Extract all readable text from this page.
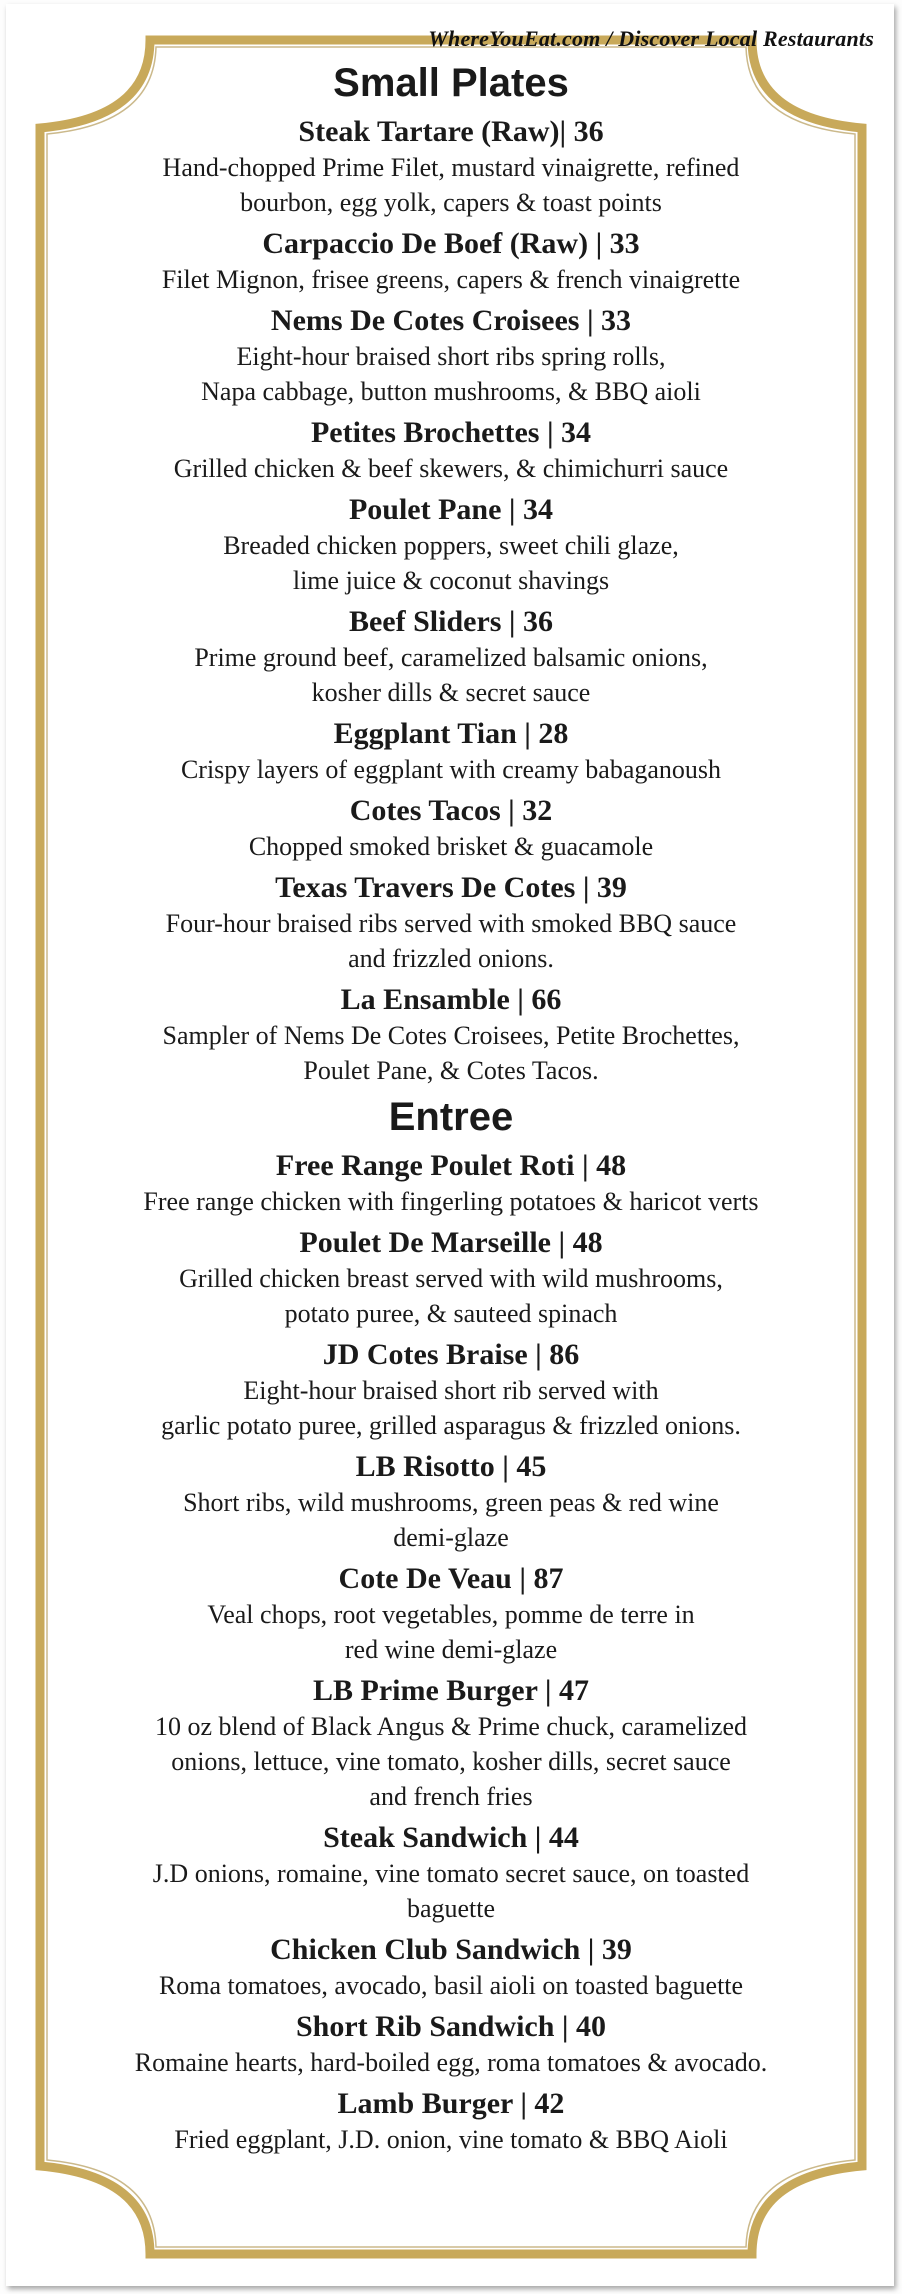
WhereYouEat.com / Discover Local Restaurants
Small Plates
Steak Tartare (Raw)| 36
Hand-chopped Prime Filet, mustard vinaigrette, refined
bourbon, egg yolk, capers & toast points
Carpaccio De Boef (Raw) | 33
Filet Mignon, frisee greens, capers & french vinaigrette
Nems De Cotes Croisees | 33
Eight-hour braised short ribs spring rolls,
Napa cabbage, button mushrooms, & BBQ aioli
Petites Brochettes | 34
Grilled chicken & beef skewers, & chimichurri sauce
Poulet Pane | 34
Breaded chicken poppers, sweet chili glaze,
lime juice & coconut shavings
Beef Sliders | 36
Prime ground beef, caramelized balsamic onions,
kosher dills & secret sauce
Eggplant Tian | 28
Crispy layers of eggplant with creamy babaganoush
Cotes Tacos | 32
Chopped smoked brisket & guacamole
Texas Travers De Cotes | 39
Four-hour braised ribs served with smoked BBQ sauce
and frizzled onions.
La Ensamble | 66
Sampler of Nems De Cotes Croisees, Petite Brochettes,
Poulet Pane, & Cotes Tacos.
Entree
Free Range Poulet Roti | 48
Free range chicken with fingerling potatoes & haricot verts
Poulet De Marseille | 48
Grilled chicken breast served with wild mushrooms,
potato puree, & sauteed spinach
JD Cotes Braise | 86
Eight-hour braised short rib served with
garlic potato puree, grilled asparagus & frizzled onions.
LB Risotto | 45
Short ribs, wild mushrooms, green peas & red wine
demi-glaze
Cote De Veau | 87
Veal chops, root vegetables, pomme de terre in
red wine demi-glaze
LB Prime Burger | 47
10 oz blend of Black Angus & Prime chuck, caramelized
onions, lettuce, vine tomato, kosher dills, secret sauce
and french fries
Steak Sandwich | 44
J.D onions, romaine, vine tomato secret sauce, on toasted
baguette
Chicken Club Sandwich | 39
Roma tomatoes, avocado, basil aioli on toasted baguette
Short Rib Sandwich | 40
Romaine hearts, hard-boiled egg, roma tomatoes & avocado.
Lamb Burger | 42
Fried eggplant, J.D. onion, vine tomato & BBQ Aioli
